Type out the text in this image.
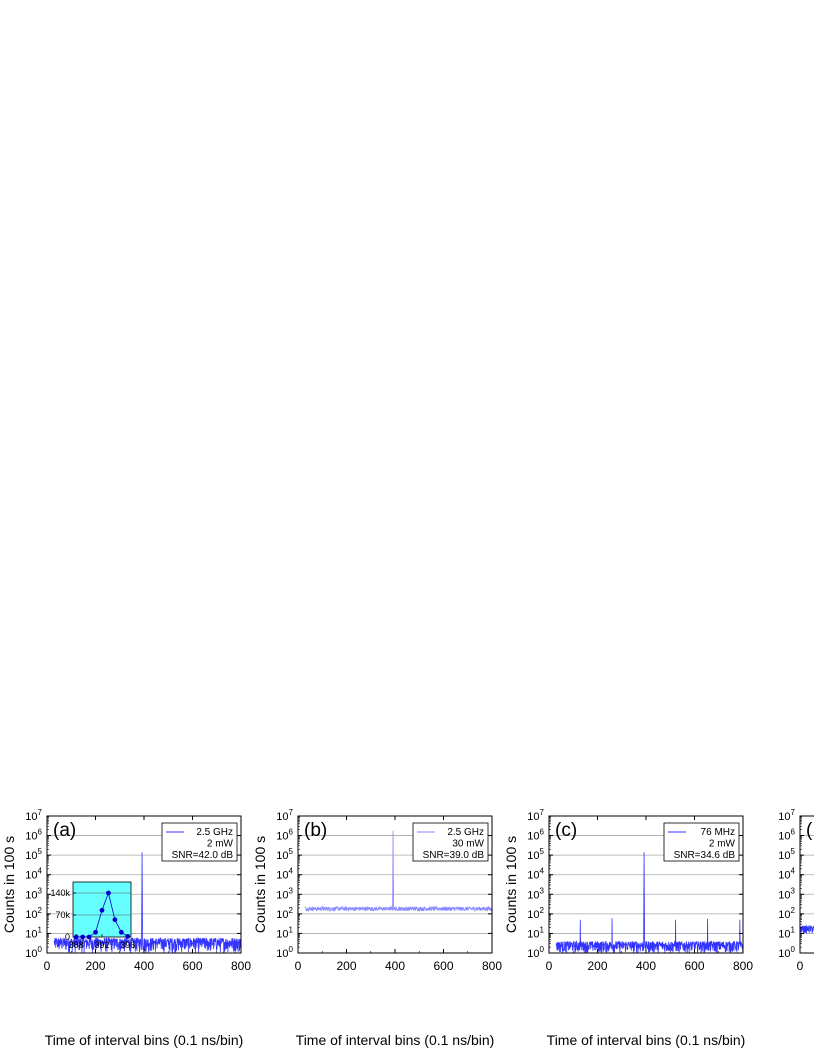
$10^0$
$10^1$
$10^2$
$10^3$
$10^4$
$10^5$
$10^6$
$10^7$
0	200 400 600 800
Time of interval bins (0.1 ns/bin)
Counts in 100 s
(a)	2.5 GHz
2 mW
SNR=42.0 dB
0
70k
140k
388 392 396
$10^0$
$10^1$
$10^2$
$10^3$
$10^4$
$10^5$
$10^6$
$10^7$
0	200 400 600 800
Time of interval bins (0.1 ns/bin)
Counts in 100 s
(b)	2.5 GHz
30 mW
SNR=39.0 dB
$10^0$
$10^1$
$10^2$
$10^3$
$10^4$
$10^5$
$10^6$
$10^7$
0	200 400 600 800
Time of interval bins (0.1 ns/bin)
Counts in 100 s
(c)	76 MHz
2 mW
SNR=34.6 dB
$10^0$
$10^1$
$10^2$
$10^3$
$10^4$
$10^5$
$10^6$
$10^7$
0
(
